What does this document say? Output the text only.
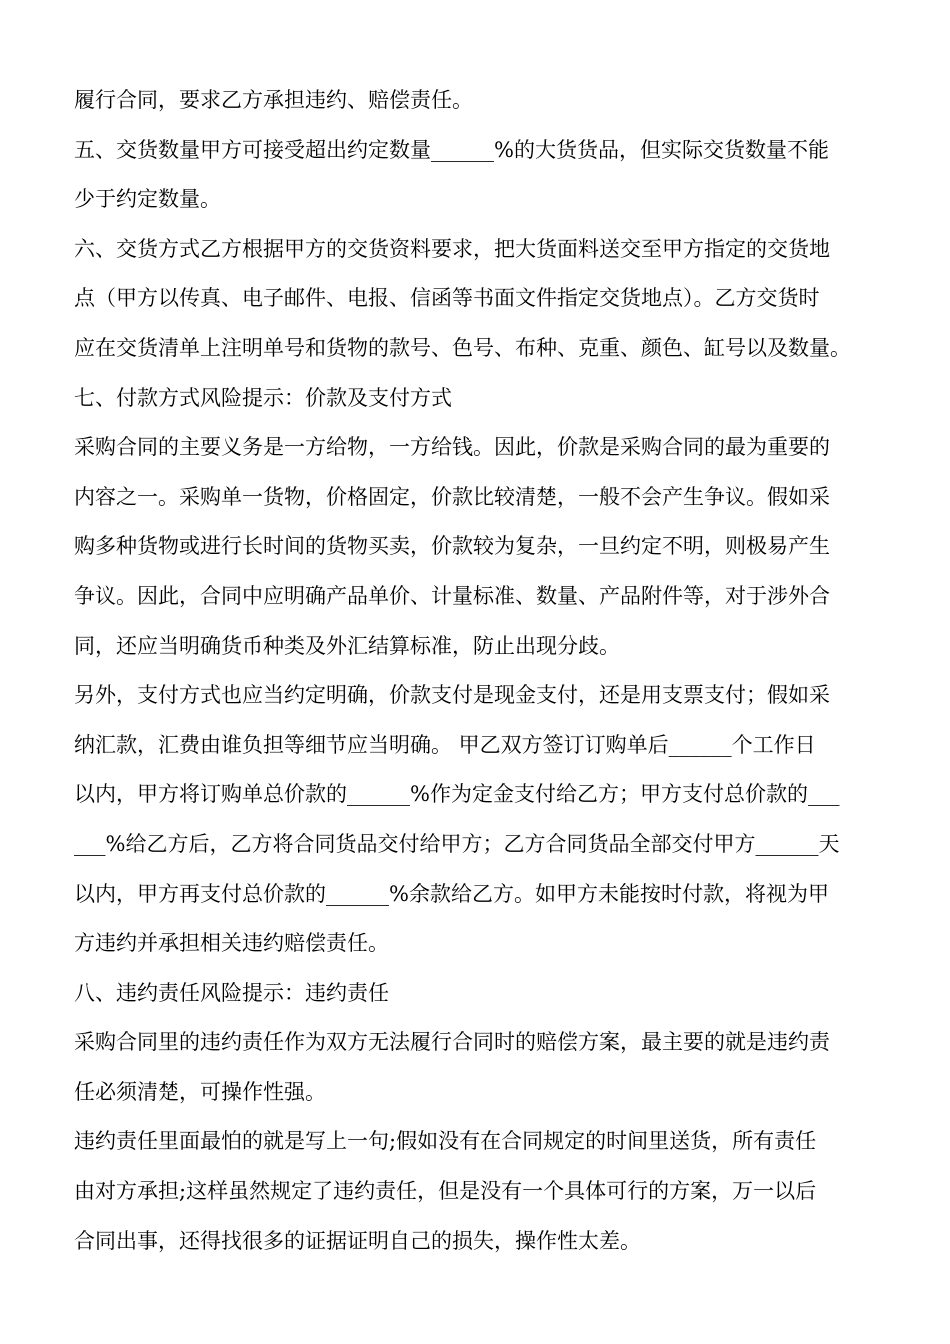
履行合同，要求乙方承担违约、赔偿责任。

五、交货数量甲方可接受超出约定数量______%的大货货品，但实际交货数量不能

少于约定数量。

六、交货方式乙方根据甲方的交货资料要求，把大货面料送交至甲方指定的交货地

点（甲方以传真、电子邮件、电报、信函等书面文件指定交货地点）。乙方交货时

应在交货清单上注明单号和货物的款号、色号、布种、克重、颜色、缸号以及数量。

七、付款方式风险提示：价款及支付方式

采购合同的主要义务是一方给物，一方给钱。因此，价款是采购合同的最为重要的

内容之一。采购单一货物，价格固定，价款比较清楚，一般不会产生争议。假如采

购多种货物或进行长时间的货物买卖，价款较为复杂，一旦约定不明，则极易产生

争议。因此，合同中应明确产品单价、计量标准、数量、产品附件等，对于涉外合

同，还应当明确货币种类及外汇结算标准，防止出现分歧。

另外，支付方式也应当约定明确，价款支付是现金支付，还是用支票支付；假如采

纳汇款，汇费由谁负担等细节应当明确。 甲乙双方签订订购单后______个工作日

以内，甲方将订购单总价款的______%作为定金支付给乙方；甲方支付总价款的___

___%给乙方后，乙方将合同货品交付给甲方；乙方合同货品全部交付甲方______天

以内，甲方再支付总价款的______%余款给乙方。如甲方未能按时付款，将视为甲

方违约并承担相关违约赔偿责任。

八、违约责任风险提示：违约责任

采购合同里的违约责任作为双方无法履行合同时的赔偿方案，最主要的就是违约责

任必须清楚，可操作性强。

违约责任里面最怕的就是写上一句;假如没有在合同规定的时间里送货，所有责任

由对方承担;这样虽然规定了违约责任，但是没有一个具体可行的方案，万一以后

合同出事，还得找很多的证据证明自己的损失，操作性太差。
